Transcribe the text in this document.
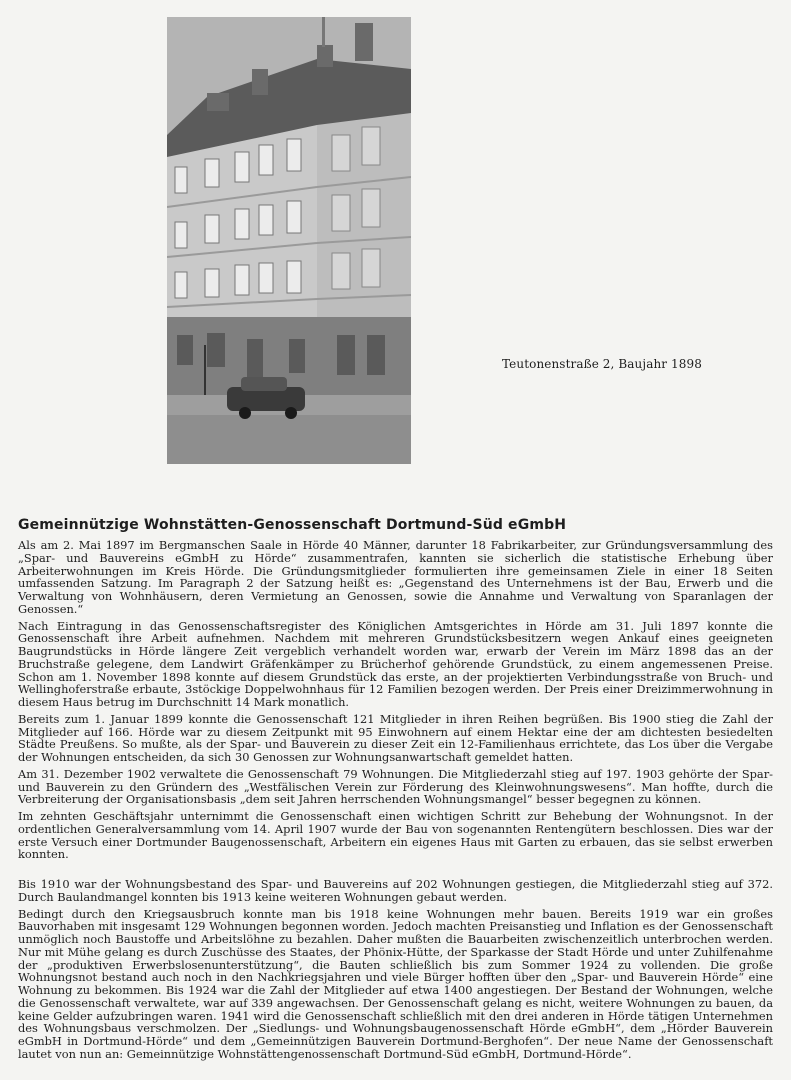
Teutonenstraße 2, Baujahr 1898
Gemeinnützige Wohnstätten-Genossenschaft Dortmund-Süd eGmbH

Als am 2. Mai 1897 im Bergmanschen Saale in Hörde 40 Männer, darunter 18 Fabrikarbeiter, zur Gründungsversammlung des „Spar- und Bauvereins eGmbH zu Hörde“ zusammentrafen, kannten sie sicherlich die statistische Erhebung über Arbeiterwohnungen im Kreis Hörde. Die Gründungsmitglieder formulierten ihre gemeinsamen Ziele in einer 18 Seiten umfassenden Satzung. Im Paragraph 2 der Satzung heißt es: „Gegenstand des Unternehmens ist der Bau, Erwerb und die Verwaltung von Wohnhäusern, deren Vermietung an Genossen, sowie die Annahme und Verwaltung von Sparanlagen der Genossen.“

Nach Eintragung in das Genossenschaftsregister des Königlichen Amtsgerichtes in Hörde am 31. Juli 1897 konnte die Genossenschaft ihre Arbeit aufnehmen. Nachdem mit mehreren Grundstücksbesitzern wegen Ankauf eines geeigneten Baugrundstücks in Hörde längere Zeit vergeblich verhandelt worden war, erwarb der Verein im März 1898 das an der Bruchstraße gelegene, dem Landwirt Gräfenkämper zu Brücherhof gehörende Grundstück, zu einem angemessenen Preise. Schon am 1. November 1898 konnte auf diesem Grundstück das erste, an der projektierten Verbindungsstraße von Bruch- und Wellinghoferstraße erbaute, 3stöckige Doppelwohnhaus für 12 Familien bezogen werden. Der Preis einer Dreizimmerwohnung in diesem Haus betrug im Durchschnitt 14 Mark monatlich.

Bereits zum 1. Januar 1899 konnte die Genossenschaft 121 Mitglieder in ihren Reihen begrüßen. Bis 1900 stieg die Zahl der Mitglieder auf 166. Hörde war zu diesem Zeitpunkt mit 95 Einwohnern auf einem Hektar eine der am dichtesten besiedelten Städte Preußens. So mußte, als der Spar- und Bauverein zu dieser Zeit ein 12-Familienhaus errichtete, das Los über die Vergabe der Wohnungen entscheiden, da sich 30 Genossen zur Wohnungsanwartschaft gemeldet hatten.

Am 31. Dezember 1902 verwaltete die Genossenschaft 79 Wohnungen. Die Mitgliederzahl stieg auf 197. 1903 gehörte der Spar- und Bauverein zu den Gründern des „Westfälischen Verein zur Förderung des Kleinwohnungswesens“. Man hoffte, durch die Verbreiterung der Organisationsbasis „dem seit Jahren herrschenden Wohnungsmangel“ besser begegnen zu können.

Im zehnten Geschäftsjahr unternimmt die Genossenschaft einen wichtigen Schritt zur Behebung der Wohnungsnot. In der ordentlichen Generalversammlung vom 14. April 1907 wurde der Bau von sogenannten Rentengütern beschlossen. Dies war der erste Versuch einer Dortmunder Baugenossenschaft, Arbeitern ein eigenes Haus mit Garten zu erbauen, das sie selbst erwerben konnten.

Bis 1910 war der Wohnungsbestand des Spar- und Bauvereins auf 202 Wohnungen gestiegen, die Mitgliederzahl stieg auf 372. Durch Baulandmangel konnten bis 1913 keine weiteren Wohnungen gebaut werden.

Bedingt durch den Kriegsausbruch konnte man bis 1918 keine Wohnungen mehr bauen. Bereits 1919 war ein großes Bauvorhaben mit insgesamt 129 Wohnungen begonnen worden. Jedoch machten Preisanstieg und Inflation es der Genossenschaft unmöglich noch Baustoffe und Arbeitslöhne zu bezahlen. Daher mußten die Bauarbeiten zwischenzeitlich unterbrochen werden. Nur mit Mühe gelang es durch Zuschüsse des Staates, der Phönix-Hütte, der Sparkasse der Stadt Hörde und unter Zuhilfenahme der „produktiven Erwerbslosenunterstützung“, die Bauten schließlich bis zum Sommer 1924 zu vollenden. Die große Wohnungsnot bestand auch noch in den Nachkriegsjahren und viele Bürger hofften über den „Spar- und Bauverein Hörde“ eine Wohnung zu bekommen. Bis 1924 war die Zahl der Mitglieder auf etwa 1400 angestiegen. Der Bestand der Wohnungen, welche die Genossenschaft verwaltete, war auf 339 angewachsen. Der Genossenschaft gelang es nicht, weitere Wohnungen zu bauen, da keine Gelder aufzubringen waren. 1941 wird die Genossenschaft schließlich mit den drei anderen in Hörde tätigen Unternehmen des Wohnungsbaus verschmolzen. Der „Siedlungs- und Wohnungsbaugenossenschaft Hörde eGmbH“, dem „Hörder Bauverein eGmbH in Dortmund-Hörde“ und dem „Gemeinnützigen Bauverein Dortmund-Berghofen“. Der neue Name der Genossenschaft lautet von nun an: Gemeinnützige Wohnstättengenossenschaft Dortmund-Süd eGmbH, Dortmund-Hörde“.
